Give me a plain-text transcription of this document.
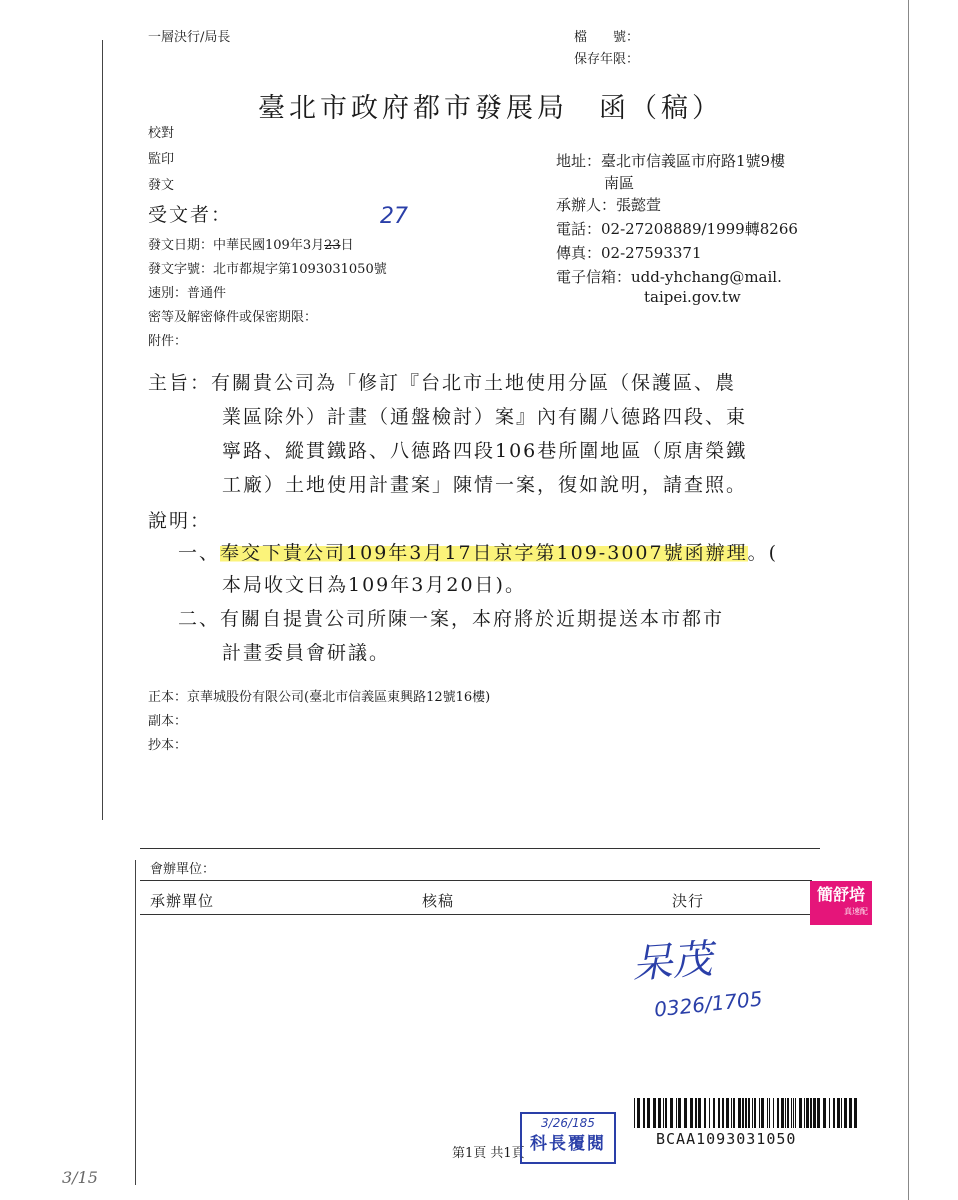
一層決行/局長	檔　　號：
保存年限：
臺北市政府都市發展局　函（稿）
校對
監印
發文
受文者：
發文日期：中華民國109年3月23日
27
發文字號：北市都規字第1093031050號
速別：普通件
密等及解密條件或保密期限：
附件：
地址：臺北市信義區市府路1號9樓
南區
承辦人：張懿萱
電話：02-27208889/1999轉8266
傳真：02-27593371
電子信箱：udd-yhchang@mail.
taipei.gov.tw
主旨：有關貴公司為「修訂『台北市土地使用分區（保護區、農
業區除外）計畫（通盤檢討）案』內有關八德路四段、東
寧路、縱貫鐵路、八德路四段106巷所圍地區（原唐榮鐵
工廠）土地使用計畫案」陳情一案，復如說明，請查照。
說明：
一、奉交下貴公司109年3月17日京字第109-3007號函辦理。(
本局收文日為109年3月20日)。
二、有關自提貴公司所陳一案，本府將於近期提送本市都市
計畫委員會研議。
正本：京華城股份有限公司(臺北市信義區東興路12號16樓)
副本：
抄本：
會辦單位：
承辦單位	核稿	決行	簡舒培
真速配
呆茂
0326/1705
第1頁 共1頁
3/26/185
科長覆閱	BCAA1093031050
3/15
